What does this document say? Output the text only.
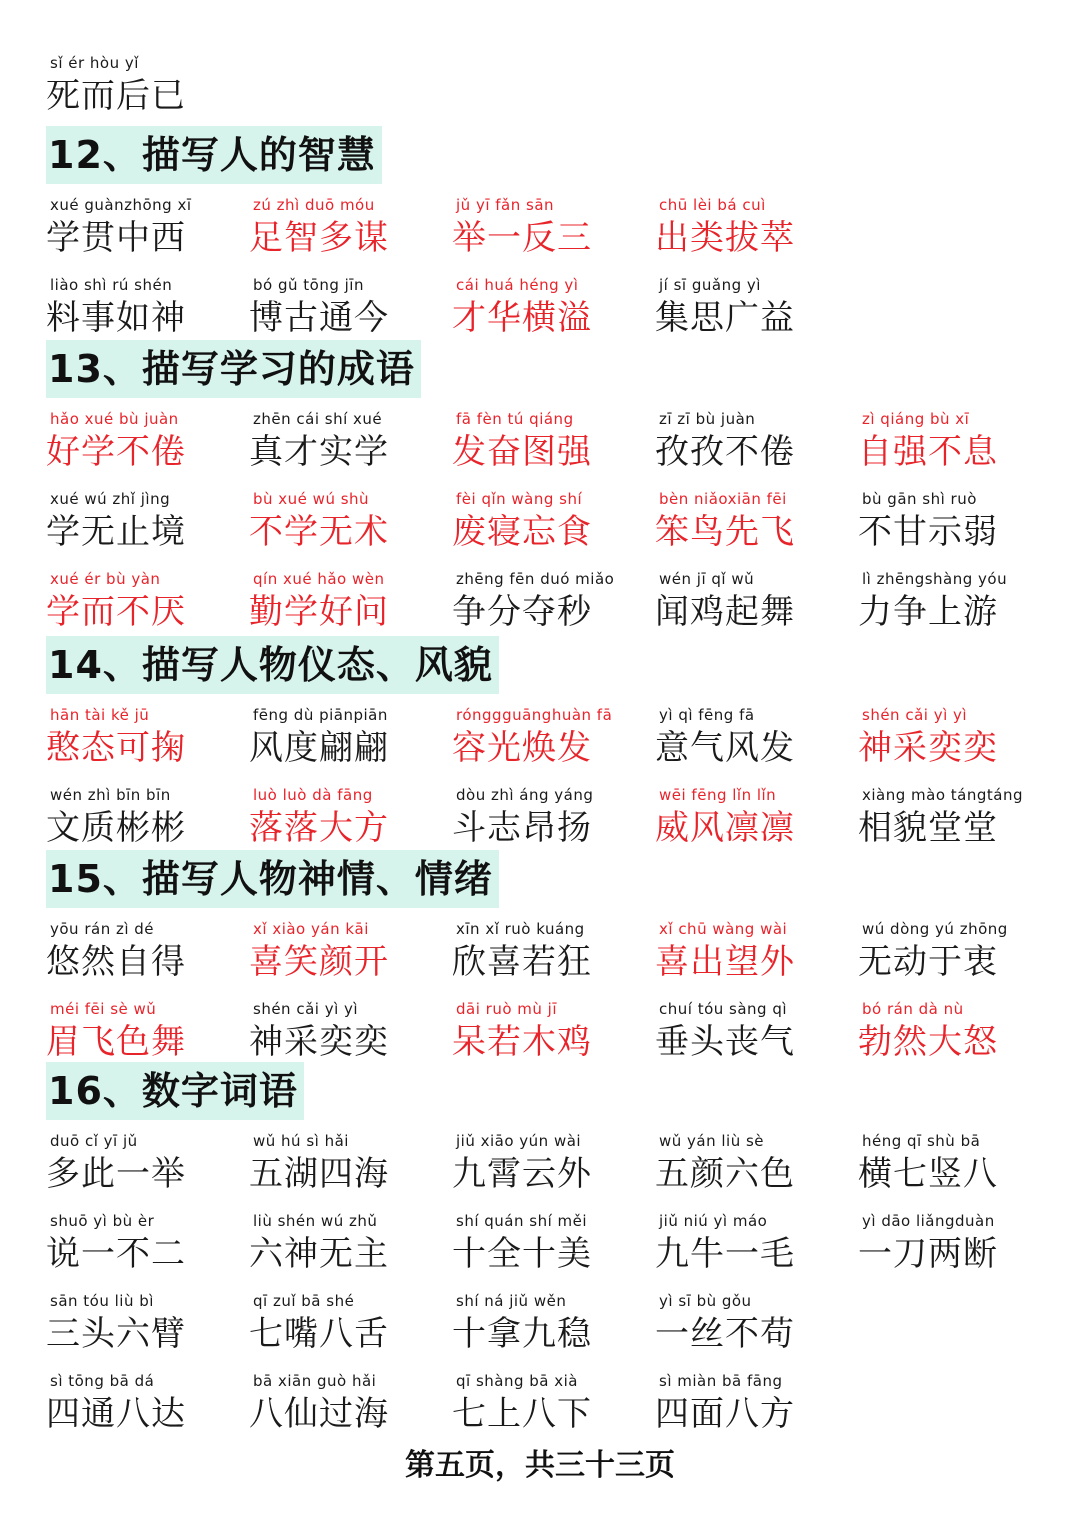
sǐ ér hòu yǐ
死而后已
12、描写人的智慧
xué guànzhōng xī
学贯中西
zú zhì duō móu
足智多谋
jǔ yī fǎn sān
举一反三
chū lèi bá cuì
出类拔萃
liào shì rú shén
料事如神
bó gǔ tōng jīn
博古通今
cái huá héng yì
才华横溢
jí sī guǎng yì
集思广益
13、描写学习的成语
hǎo xué bù juàn
好学不倦
zhēn cái shí xué
真才实学
fā fèn tú qiáng
发奋图强
zī zī bù juàn
孜孜不倦
zì qiáng bù xī
自强不息
xué wú zhǐ jìng
学无止境
bù xué wú shù
不学无术
fèi qǐn wàng shí
废寝忘食
bèn niǎoxiān fēi
笨鸟先飞
bù gān shì ruò
不甘示弱
xué ér bù yàn
学而不厌
qín xué hǎo wèn
勤学好问
zhēng fēn duó miǎo
争分夺秒
wén jī qǐ wǔ
闻鸡起舞
lì zhēngshàng yóu
力争上游
14、描写人物仪态、风貌
hān tài kě jū
憨态可掬
fēng dù piānpiān
风度翩翩
rónggguānghuàn fā
容光焕发
yì qì fēng fā
意气风发
shén cǎi yì yì
神采奕奕
wén zhì bīn bīn
文质彬彬
luò luò dà fāng
落落大方
dòu zhì áng yáng
斗志昂扬
wēi fēng lǐn lǐn
威风凛凛
xiàng mào tángtáng
相貌堂堂
15、描写人物神情、情绪
yōu rán zì dé
悠然自得
xǐ xiào yán kāi
喜笑颜开
xīn xǐ ruò kuáng
欣喜若狂
xǐ chū wàng wài
喜出望外
wú dòng yú zhōng
无动于衷
méi fēi sè wǔ
眉飞色舞
shén cǎi yì yì
神采奕奕
dāi ruò mù jī
呆若木鸡
chuí tóu sàng qì
垂头丧气
bó rán dà nù
勃然大怒
16、数字词语
duō cǐ yī jǔ
多此一举
wǔ hú sì hǎi
五湖四海
jiǔ xiāo yún wài
九霄云外
wǔ yán liù sè
五颜六色
héng qī shù bā
横七竖八
shuō yì bù èr
说一不二
liù shén wú zhǔ
六神无主
shí quán shí měi
十全十美
jiǔ niú yì máo
九牛一毛
yì dāo liǎngduàn
一刀两断
sān tóu liù bì
三头六臂
qī zuǐ bā shé
七嘴八舌
shí ná jiǔ wěn
十拿九稳
yì sī bù gǒu
一丝不苟
sì tōng bā dá
四通八达
bā xiān guò hǎi
八仙过海
qī shàng bā xià
七上八下
sì miàn bā fāng
四面八方
第五页，共三十三页
